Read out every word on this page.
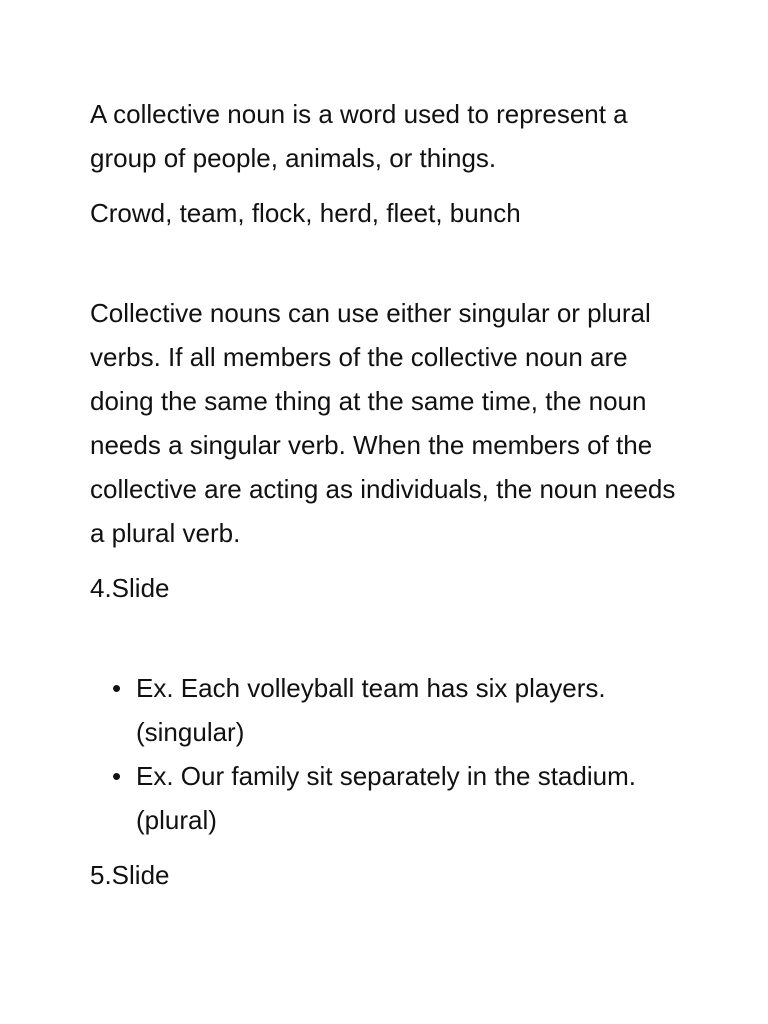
A collective noun is a word used to represent a group of people, animals, or things.

Crowd, team, flock, herd, fleet, bunch

Collective nouns can use either singular or plural verbs. If all members of the collective noun are doing the same thing at the same time, the noun needs a singular verb. When the members of the collective are acting as individuals, the noun needs a plural verb.

4.Slide

• Ex. Each volleyball team has six players. (singular)
• Ex. Our family sit separately in the stadium. (plural)

5.Slide
